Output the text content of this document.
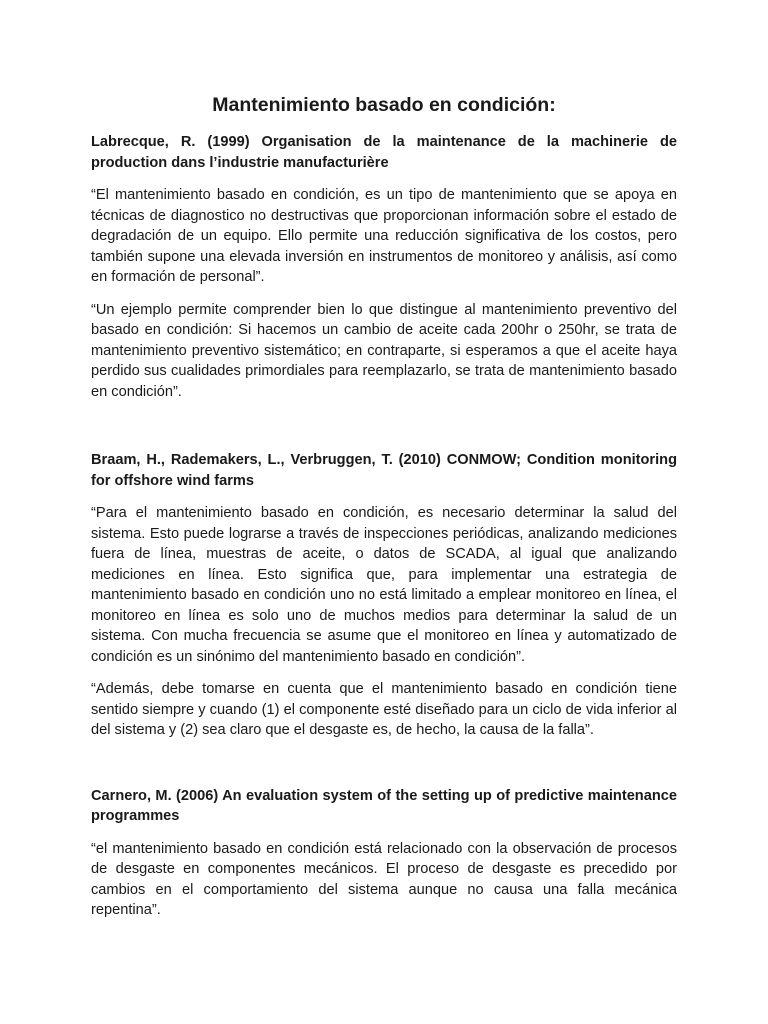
Mantenimiento basado en condición:

Labrecque, R. (1999) Organisation de la maintenance de la machinerie de production dans l’industrie manufacturière

“El mantenimiento basado en condición, es un tipo de mantenimiento que se apoya en técnicas de diagnostico no destructivas que proporcionan información sobre el estado de degradación de un equipo. Ello permite una reducción significativa de los costos, pero también supone una elevada inversión en instrumentos de monitoreo y análisis, así como en formación de personal”.

“Un ejemplo permite comprender bien lo que distingue al mantenimiento preventivo del basado en condición: Si hacemos un cambio de aceite cada 200hr o 250hr, se trata de mantenimiento preventivo sistemático; en contraparte, si esperamos a que el aceite haya perdido sus cualidades primordiales para reemplazarlo, se trata de mantenimiento basado en condición”.

Braam, H., Rademakers, L., Verbruggen, T. (2010) CONMOW; Condition monitoring for offshore wind farms

“Para el mantenimiento basado en condición, es necesario determinar la salud del sistema. Esto puede lograrse a través de inspecciones periódicas, analizando mediciones fuera de línea, muestras de aceite, o datos de SCADA, al igual que analizando mediciones en línea. Esto significa que, para implementar una estrategia de mantenimiento basado en condición uno no está limitado a emplear monitoreo en línea, el monitoreo en línea es solo uno de muchos medios para determinar la salud de un sistema. Con mucha frecuencia se asume que el monitoreo en línea y automatizado de condición es un sinónimo del mantenimiento basado en condición”.

“Además, debe tomarse en cuenta que el mantenimiento basado en condición tiene sentido siempre y cuando (1) el componente esté diseñado para un ciclo de vida inferior al del sistema y (2) sea claro que el desgaste es, de hecho, la causa de la falla”.

Carnero, M. (2006) An evaluation system of the setting up of predictive maintenance programmes

“el mantenimiento basado en condición está relacionado con la observación de procesos de desgaste en componentes mecánicos. El proceso de desgaste es precedido por cambios en el comportamiento del sistema aunque no causa una falla mecánica repentina”.
